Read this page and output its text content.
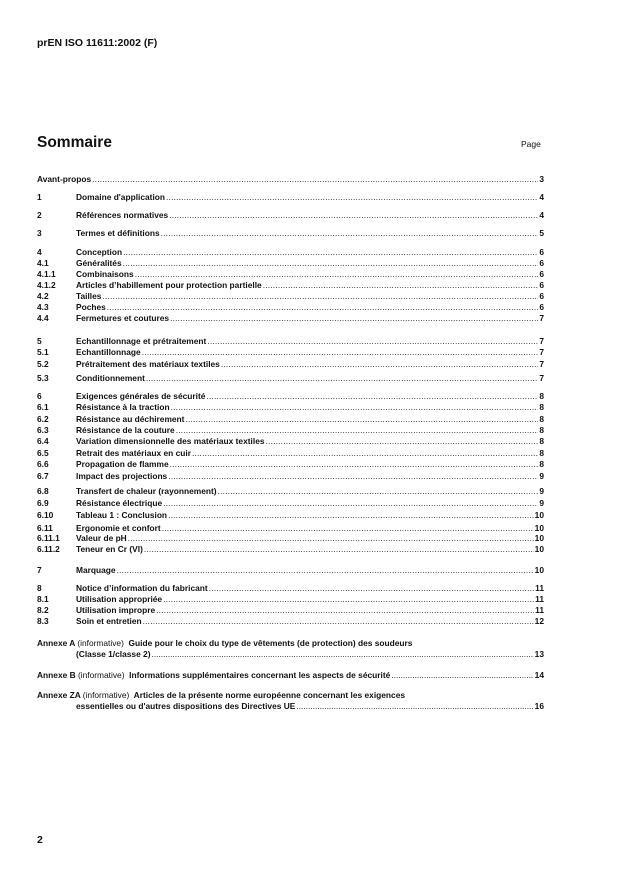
prEN ISO 11611:2002 (F)
Sommaire	Page
Avant-propos .....	3
1	Domaine d'application .....	4
2	Références normatives .....	4
3	Termes et définitions .....	5
4	Conception .....	6
4.1	Généralités .....	6
4.1.1 Combinaisons .....	6
4.1.2 Articles d’habillement pour protection partielle .....	6
4.2	Tailles .....	6
4.3	Poches .....	6
4.4	Fermetures et coutures .....	7
5	Echantillonnage et prétraitement .....	7
5.1	Echantillonnage .....	7
5.2	Prétraitement des matériaux textiles .....	7
5.3	Conditionnement .....	7
6	Exigences générales de sécurité .....	8
6.1	Résistance à la traction .....	8
6.2	Résistance au déchirement .....	8
6.3	Résistance de la couture .....	8
6.4	Variation dimensionnelle des matériaux textiles .....	8
6.5	Retrait des matériaux en cuir .....	8
6.6	Propagation de flamme .....	8
6.7	Impact des projections .....	9
6.8	Transfert de chaleur (rayonnement) .....	9
6.9	Résistance électrique .....	9
6.10	Tableau 1 : Conclusion .....	10
6.11	Ergonomie et confort .....	10
6.11.1 Valeur de pH .....	10
6.11.2 Teneur en Cr (VI) .....	10
7	Marquage .....	10
8	Notice d’information du fabricant .....	11
8.1	Utilisation appropriée .....	11
8.2	Utilisation impropre .....	11
8.3	Soin et entretien .....	12
Annexe A (informative) Guide pour le choix du type de vêtements (de protection) des soudeurs
(Classe 1/classe 2) .....	13
Annexe B
(informative)
Informations supplémentaires concernant les aspects de sécurité .....	14
Annexe ZA (informative) Articles de la présente norme européenne concernant les exigences
essentielles ou d'autres dispositions des Directives UE .....	16
2
